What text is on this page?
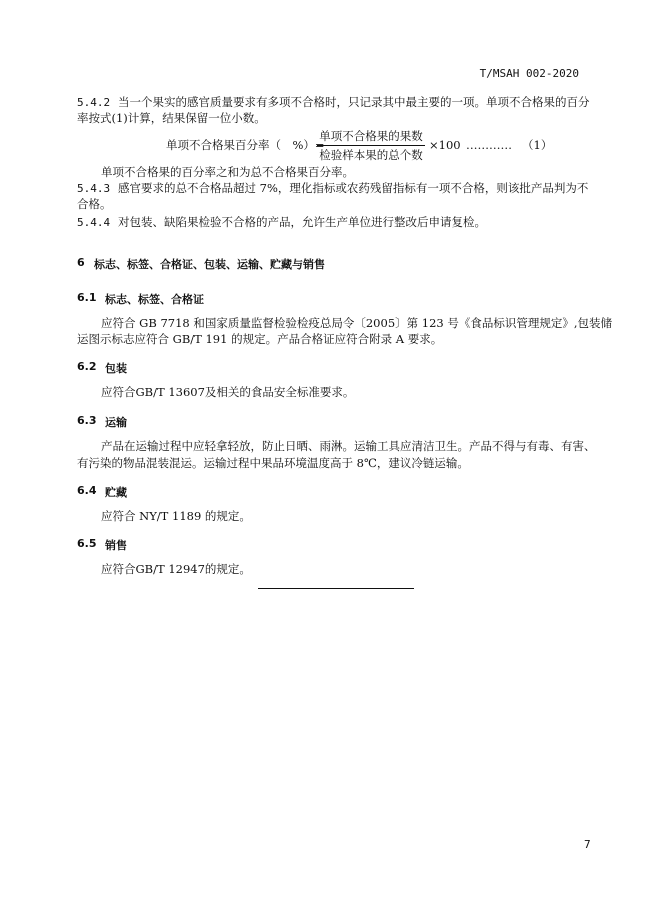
T/MSAH 002-2020
5.4.2 当一个果实的感官质量要求有多项不合格时，只记录其中最主要的一项。单项不合格果的百分
率按式(1)计算，结果保留一位小数。
单项不合格果百分率（　%）=
单项不合格果的果数
检验样本果的总个数
×100 ………… （1）
单项不合格果的百分率之和为总不合格果百分率。
5.4.3 感官要求的总不合格品超过 7%，理化指标或农药残留指标有一项不合格，则该批产品判为不
合格。
5.4.4 对包装、缺陷果检验不合格的产品，允许生产单位进行整改后申请复检。
6 标志、标签、合格证、包装、运输、贮藏与销售
6.1 标志、标签、合格证
应符合 GB 7718 和国家质量监督检验检疫总局令〔2005〕第 123 号《食品标识管理规定》,包装储
运图示标志应符合 GB/T 191 的规定。产品合格证应符合附录 A 要求。
6.2 包装
应符合GB/T 13607及相关的食品安全标准要求。
6.3 运输
产品在运输过程中应轻拿轻放，防止日晒、雨淋。运输工具应清洁卫生。产品不得与有毒、有害、
有污染的物品混装混运。运输过程中果品环境温度高于 8℃，建议冷链运输。
6.4 贮藏
应符合 NY/T 1189 的规定。
6.5 销售
应符合GB/T 12947的规定。
7
